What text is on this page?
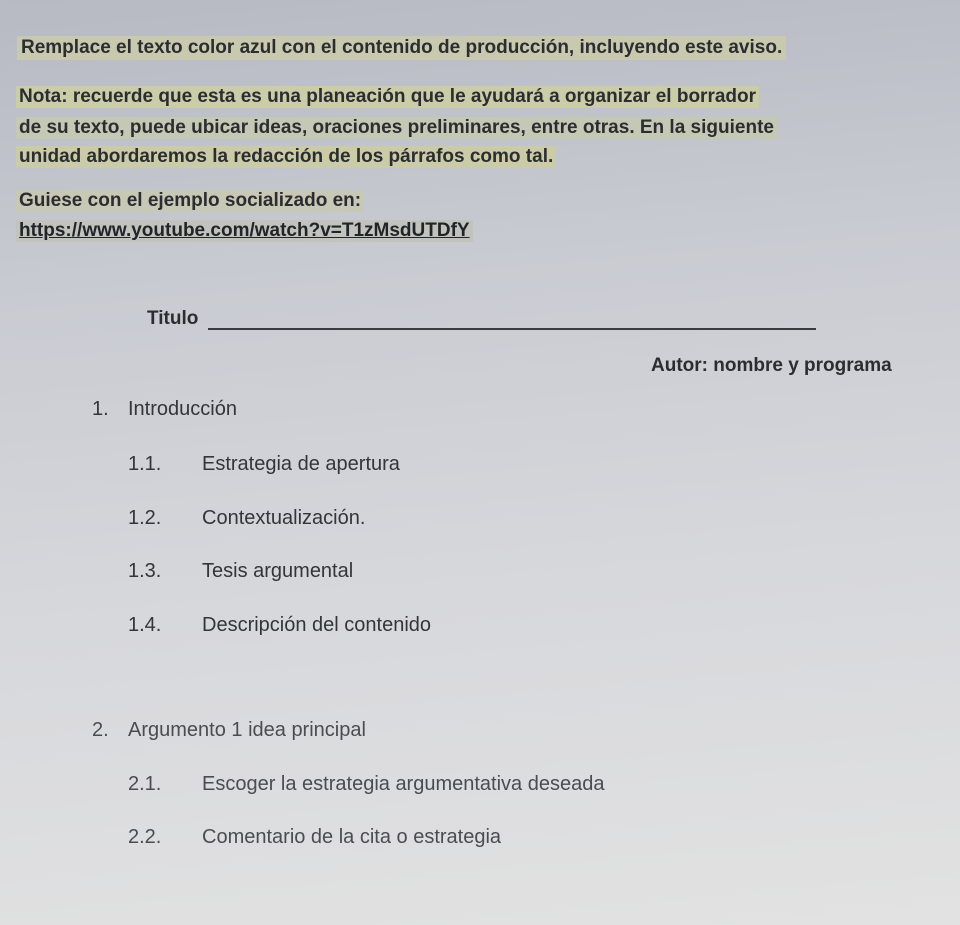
Remplace el texto color azul con el contenido de producción, incluyendo este aviso.
Nota: recuerde que esta es una planeación que le ayudará a organizar el borrador
de su texto, puede ubicar ideas, oraciones preliminares, entre otras. En la siguiente
unidad abordaremos la redacción de los párrafos como tal.
Guiese con el ejemplo socializado en:
https://www.youtube.com/watch?v=T1zMsdUTDfY
Titulo
Autor: nombre y programa
1. Introducción
1.1. Estrategia de apertura
1.2. Contextualización.
1.3. Tesis argumental
1.4. Descripción del contenido
2. Argumento 1 idea principal
2.1. Escoger la estrategia argumentativa deseada
2.2. Comentario de la cita o estrategia
